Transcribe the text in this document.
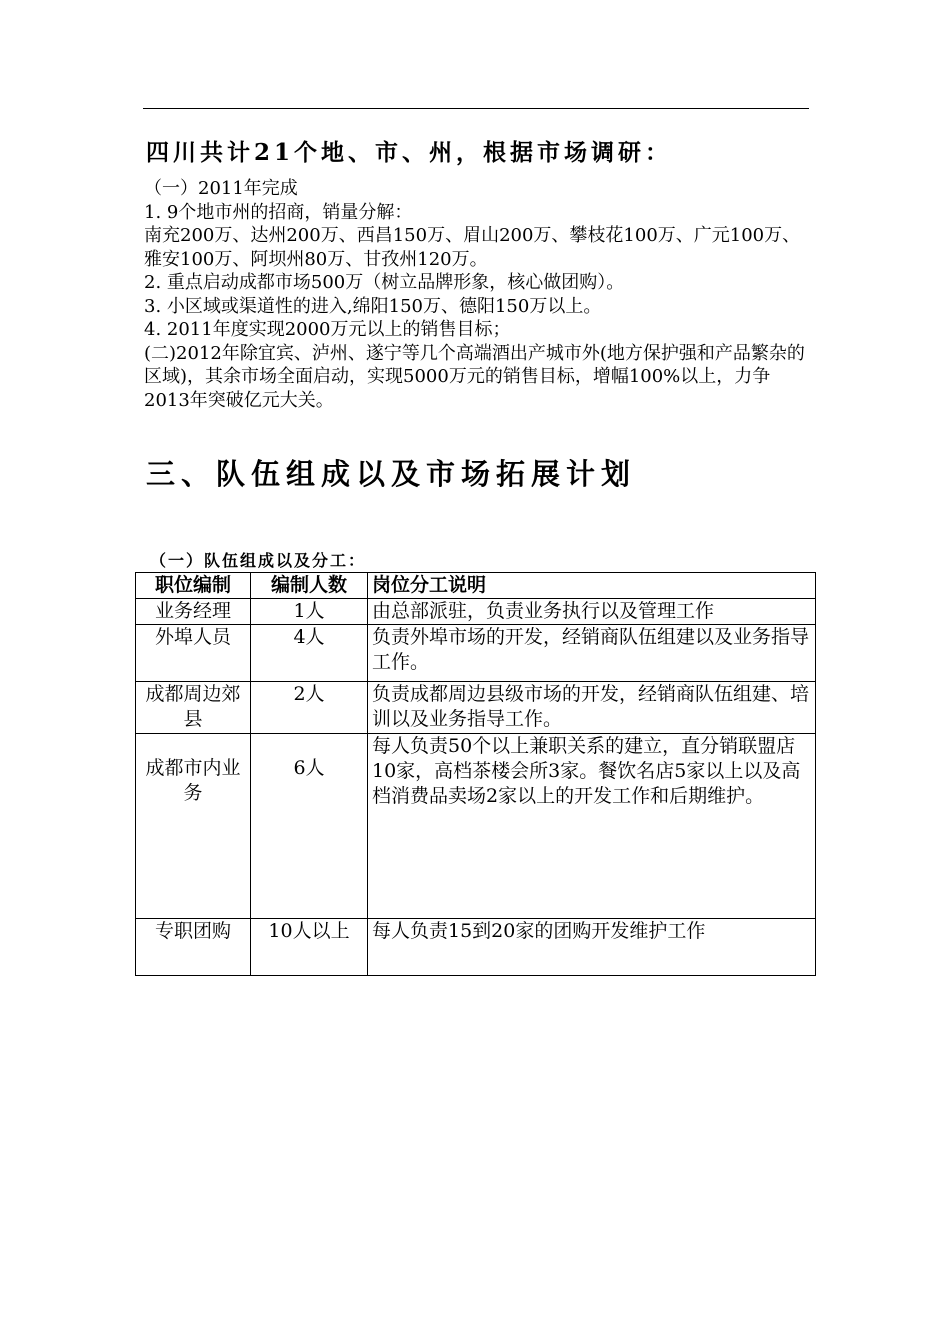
四川共计21个地、市、州，根据市场调研：

（一）2011年完成

1. 9个地市州的招商，销量分解：

南充200万、达州200万、西昌150万、眉山200万、攀枝花100万、广元100万、雅安100万、阿坝州80万、甘孜州120万。

2. 重点启动成都市场500万（树立品牌形象，核心做团购）。

3. 小区域或渠道性的进入,绵阳150万、德阳150万以上。

4. 2011年度实现2000万元以上的销售目标；

(二)2012年除宜宾、泸州、遂宁等几个高端酒出产城市外(地方保护强和产品繁杂的区域)，其余市场全面启动，实现5000万元的销售目标，增幅100%以上，力争2013年突破亿元大关。

三、队伍组成以及市场拓展计划
（一）队伍组成以及分工：
职位编制	编制人数	岗位分工说明
业务经理	1人	由总部派驻，负责业务执行以及管理工作
外埠人员	4人	负责外埠市场的开发，经销商队伍组建以及业务指导工作。
成都周边郊县	2人	负责成都周边县级市场的开发，经销商队伍组建、培训以及业务指导工作。
成都市内业务	6人	每人负责50个以上兼职关系的建立，直分销联盟店10家，高档茶楼会所3家。餐饮名店5家以上以及高档消费品卖场2家以上的开发工作和后期维护。
专职团购	10人以上	每人负责15到20家的团购开发维护工作
